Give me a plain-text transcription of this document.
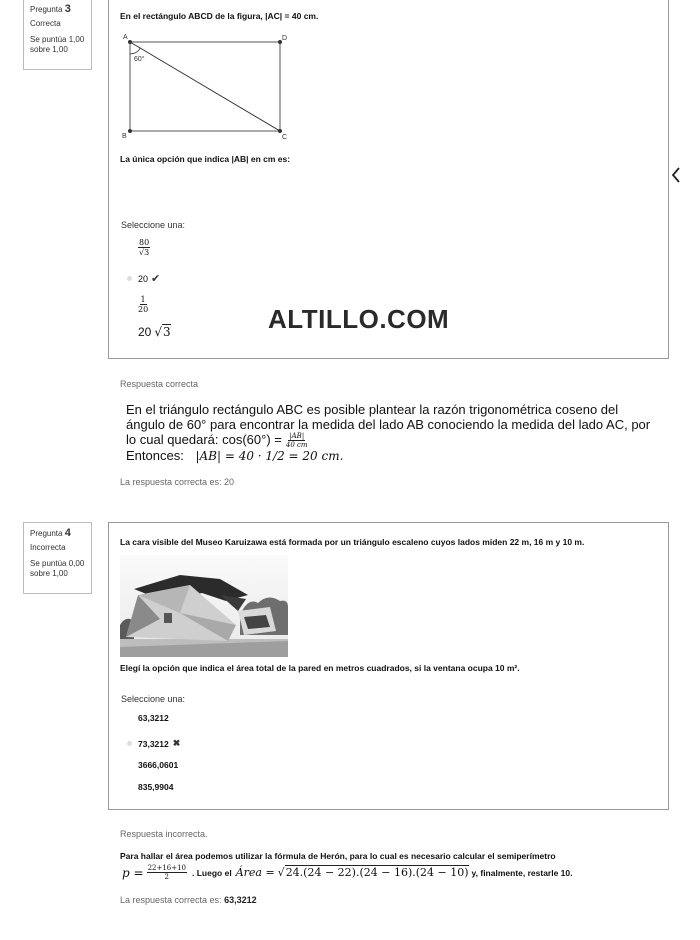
Pregunta 3
Correcta
Se puntúa 1,00
sobre 1,00
En el rectángulo ABCD de la figura, |AC| = 40 cm.
A	D
B	C
60°
La única opción que indica |AB| en cm es:
Seleccione una:
$\frac{80}{√3}$
20 ✔
$\frac{1}{20}$
20 √3	ALTILLO.COM
Respuesta correcta
En el triángulo rectángulo ABC es posible plantear la razón trigonométrica coseno del
ángulo de 60° para encontrar la medida del lado AB conociendo la medida del lado AC, por
lo cual quedará: $\cos(60^\circ) = \frac{|AB|}{40 cm}$
Entonces: |AB| = 40 · 1/2 = 20 cm.
La respuesta correcta es: 20
Pregunta 4
Incorrecta
Se puntúa 0,00
sobre 1,00
La cara visible del Museo Karuizawa está formada por un triángulo escaleno cuyos lados miden 22 m, 16 m y 10 m.
Elegí la opción que indica el área total de la pared en metros cuadrados, si la ventana ocupa 10 m².
Seleccione una:
63,3212
73,3212 ✖
3666,0601
835,9904
Respuesta incorrecta.
Para hallar el área podemos utilizar la fórmula de Herón, para lo cual es necesario calcular el semiperímetro
$p = \frac{22+16+10}{2}$ . Luego el Área = √24.(24 − 22).(24 − 16).(24 − 10) y, finalmente, restarle 10.
La respuesta correcta es: 63,3212
